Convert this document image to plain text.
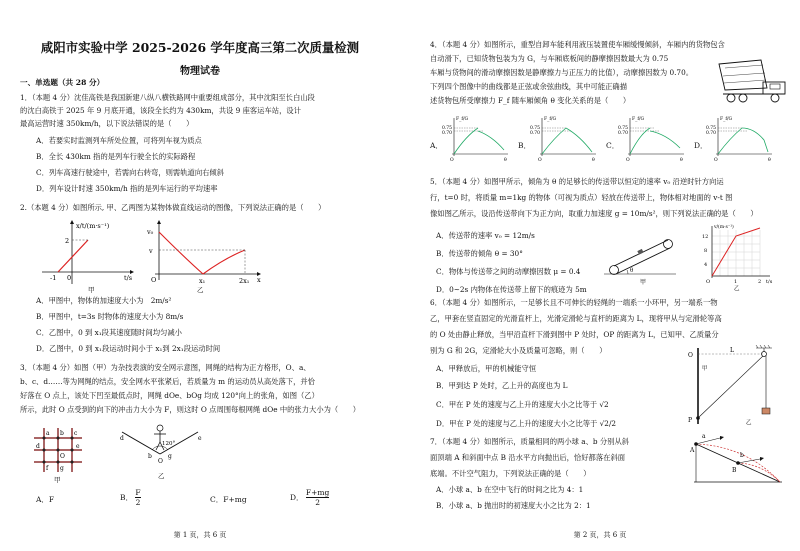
咸阳市实验中学 2025-2026 学年度高三第二次质量检测
物理试卷
一、单选题（共 28 分）
1．（本题 4 分）沈佳高铁是我国新建八纵八横铁路网中重要组成部分，其中沈阳至长白山段
的沈白高铁于 2025 年 9 月底开通，该段全长约为 430km，共设 9 座客运车站，设计
最高运营时速 350km/h，以下说法错误的是（　　）
A．若要实时监测列车所处位置，可将列车视为质点
B．全长 430km 指的是列车行驶全长的实际路程
C．列车高速行驶途中，若需向右转弯，则需轨道向右倾斜
D．列车设计时速 350km/h 指的是列车运行的平均速率
2.（本题 4 分）如图所示, 甲、乙两图为某物体做直线运动的图像，下列说法正确的是（　　）
x/t/(m·s⁻¹)
2
-1 0	t/s
甲
v₀
v
O	x₁	2x₁ x
乙
A．甲图中，物体的加速度大小为　2m/s²
B．甲图中，t=3s 时物体的速度大小为 8m/s
C．乙图中，0 到 x₁段其速度随时间均匀减小
D．乙图中，0 到 x₁段运动时间小于 x₁到 2x₁段运动时间
3．（本题 4 分）如图（甲）为杂技表演的安全网示意图，网绳的结构为正方格形，O、a、
b、c、d……等为网绳的结点，安全网水平张紧后，若质量为 m 的运动员从高处落下，并恰
好落在 O 点上，该处下凹至最低点时，网绳 dOe、bOg 均成 120°向上的张角，如图（乙）
所示，此时 O 点受到的向下的冲击力大小为 F，则这时 O 点周围每根网绳 dOe 中的张力大小为（　　）
a b c
d	e
f g
O
甲
120°
d	e
O
b	g
乙
A．F	B． $\frac{F}{2}$	C．F+mg	D． $\frac{F+mg}{2}$
第 1 页，共 6 页
4．（本题 4 分）如图所示，重型自卸车能利用液压装置使车厢缓慢倾斜，车厢内的货物包含
自动滑下，已知货物包装为为 G，与车厢底板间的静摩擦因数最大为 0.75
车厢与货物间的滑动摩擦因数是静摩擦力与正压力的比值），动摩擦因数为 0.70。
下列四个图像中的曲线都是正弦或余弦曲线，其中可能正确描
述货物包所受摩擦力 F_f 随车厢倾角 θ 变化关系的是（　　）
A．	B．	C．	D．
F_f/G
0.75
0.70
O	θ
F_f/G
0.75
0.70
O	θ
F_f/G
0.75
0.70
O	θ
F_f/G
0.75
0.70
O	θ
5．（本题 4 分）如图甲所示，倾角为 θ 的足够长的传送带以恒定的速率 v₀ 沿逆时针方向运
行，t=0 时，将质量 m=1kg 的物体（可视为质点）轻放在传送带上，物体相对地面的 v-t 图
像如图乙所示，设沿传送带向下为正方向，取重力加速度 g = 10m/s²，则下列说法正确的是（　　）
A．传送带的速率 v₀ = 12m/s
B．传送带的倾角 θ = 30°
C．物体与传送带之间的动摩擦因数 μ = 0.4
D．0~2s 内物体在传送带上留下的痕迹为 5m
θ
甲
v/(m·s⁻¹)
12
8
4
O	1	2 t/s
乙
6．（本题 4 分）如图所示，一足够长且不可伸长的轻绳的一端系一小环甲，另一端系一物
乙，甲套在竖直固定的光滑直杆上，光滑定滑轮与直杆的距离为 L，现将甲从与定滑轮等高
的 O 处由静止释放，当甲沿直杆下滑到图中 P 处时，OP 的距离为 L，已知甲、乙质量分
别为 G 和 2G，定滑轮大小及质量可忽略，则（　　）
A．甲释放后，甲的机械能守恒
B．甲到达 P 处时，乙上升的高度也为 L
C．甲在 P 处的速度与乙上升的速度大小之比等于 √2
D．甲在 P 处的速度与乙上升的速度大小之比等于 √2/2
O
L
P
甲
乙
7．（本题 4 分）如图所示，质量相同的两小球 a、b 分别从斜
面顶端 A 和斜面中点 B 沿水平方向抛出后，恰好都落在斜面
底端。不计空气阻力，下列说法正确的是（　　）
A．小球 a、b 在空中飞行的时间之比为 4：1
B．小球 a、b 抛出时的初速度大小之比为 2：1
a
A
b
B
第 2 页，共 6 页
